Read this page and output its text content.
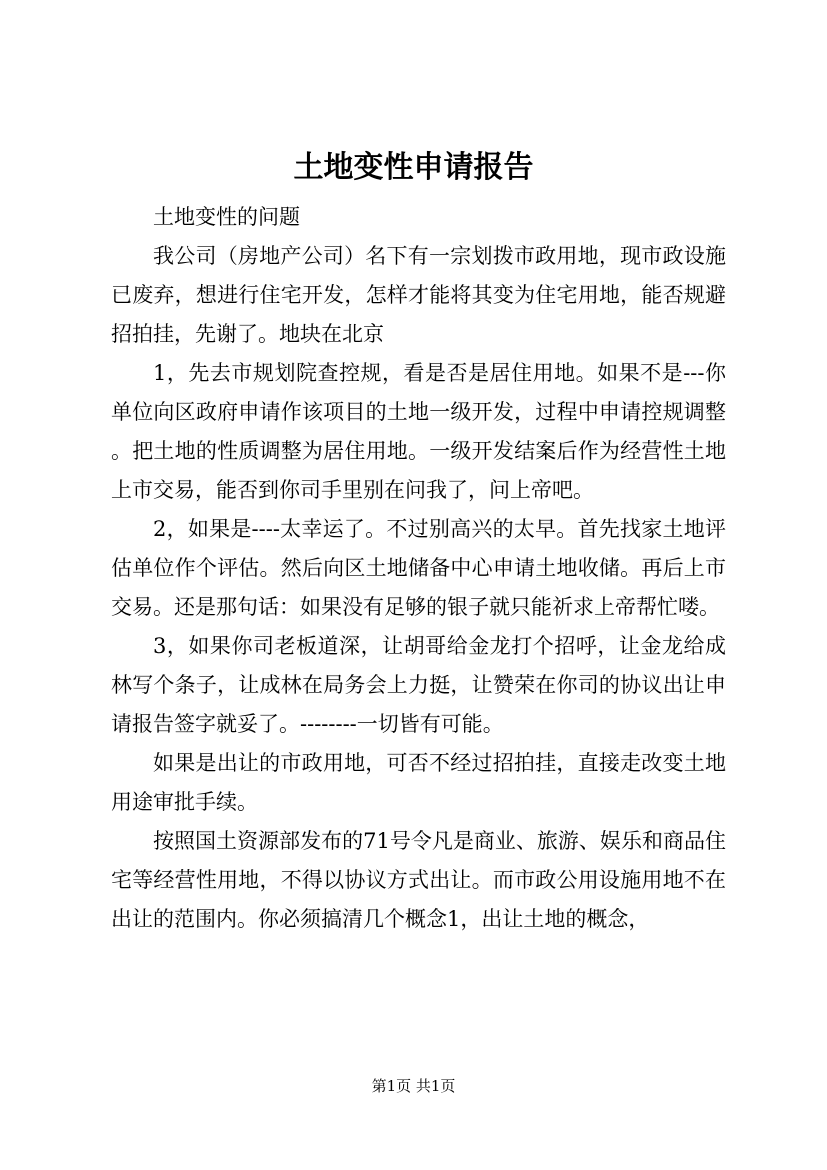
土地变性申请报告

土地变性的问题

我公司（房地产公司）名下有一宗划拨市政用地，现市政设施已废弃，想进行住宅开发，怎样才能将其变为住宅用地，能否规避招拍挂，先谢了。地块在北京

1，先去市规划院查控规，看是否是居住用地。如果不是---你单位向区政府申请作该项目的土地一级开发，过程中申请控规调整。把土地的性质调整为居住用地。一级开发结案后作为经营性土地上市交易，能否到你司手里别在问我了，问上帝吧。

2，如果是----太幸运了。不过别高兴的太早。首先找家土地评估单位作个评估。然后向区土地储备中心申请土地收储。再后上市交易。还是那句话：如果没有足够的银子就只能祈求上帝帮忙喽。

3，如果你司老板道深，让胡哥给金龙打个招呼，让金龙给成林写个条子，让成林在局务会上力挺，让赞荣在你司的协议出让申请报告签字就妥了。--------一切皆有可能。

如果是出让的市政用地，可否不经过招拍挂，直接走改变土地用途审批手续。

按照国土资源部发布的71号令凡是商业、旅游、娱乐和商品住宅等经营性用地，不得以协议方式出让。而市政公用设施用地不在出让的范围内。你必须搞清几个概念1，出让土地的概念，

第1页 共1页
